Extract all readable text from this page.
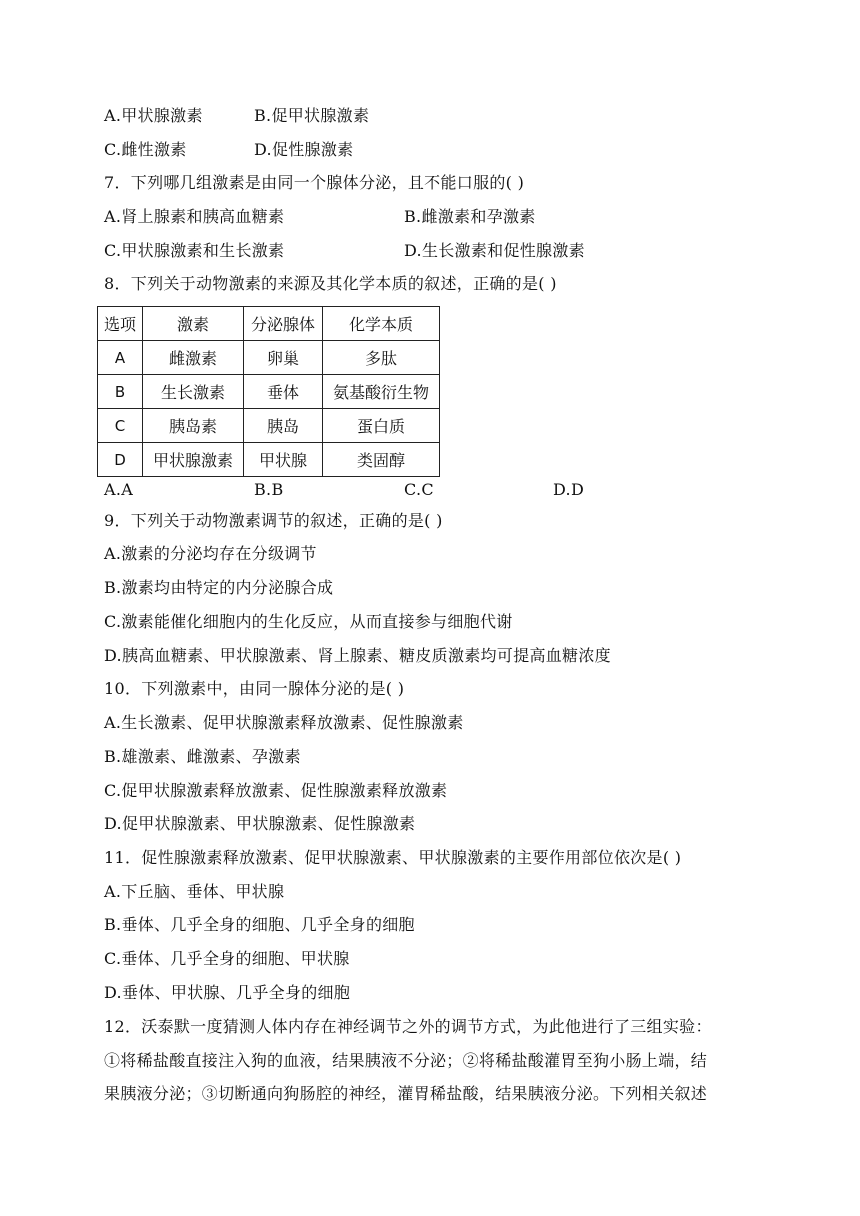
A.甲状腺激素	B.促甲状腺激素
C.雌性激素	D.促性腺激素
7．下列哪几组激素是由同一个腺体分泌，且不能口服的( )
A.肾上腺素和胰高血糖素	B.雌激素和孕激素
C.甲状腺激素和生长激素	D.生长激素和促性腺激素
8．下列关于动物激素的来源及其化学本质的叙述，正确的是( )
选项	激素	分泌腺体	化学本质
A	雌激素	卵巢	多肽
B	生长激素	垂体	氨基酸衍生物
C	胰岛素	胰岛	蛋白质
D	甲状腺激素	甲状腺	类固醇
A.A	B.B	C.C	D.D
9．下列关于动物激素调节的叙述，正确的是( )
A.激素的分泌均存在分级调节
B.激素均由特定的内分泌腺合成
C.激素能催化细胞内的生化反应，从而直接参与细胞代谢
D.胰高血糖素、甲状腺激素、肾上腺素、糖皮质激素均可提高血糖浓度
10．下列激素中，由同一腺体分泌的是( )
A.生长激素、促甲状腺激素释放激素、促性腺激素
B.雄激素、雌激素、孕激素
C.促甲状腺激素释放激素、促性腺激素释放激素
D.促甲状腺激素、甲状腺激素、促性腺激素
11．促性腺激素释放激素、促甲状腺激素、甲状腺激素的主要作用部位依次是( )
A.下丘脑、垂体、甲状腺
B.垂体、几乎全身的细胞、几乎全身的细胞
C.垂体、几乎全身的细胞、甲状腺
D.垂体、甲状腺、几乎全身的细胞
12．沃泰默一度猜测人体内存在神经调节之外的调节方式，为此他进行了三组实验：
①将稀盐酸直接注入狗的血液，结果胰液不分泌；②将稀盐酸灌胃至狗小肠上端，结
果胰液分泌；③切断通向狗肠腔的神经，灌胃稀盐酸，结果胰液分泌。下列相关叙述
